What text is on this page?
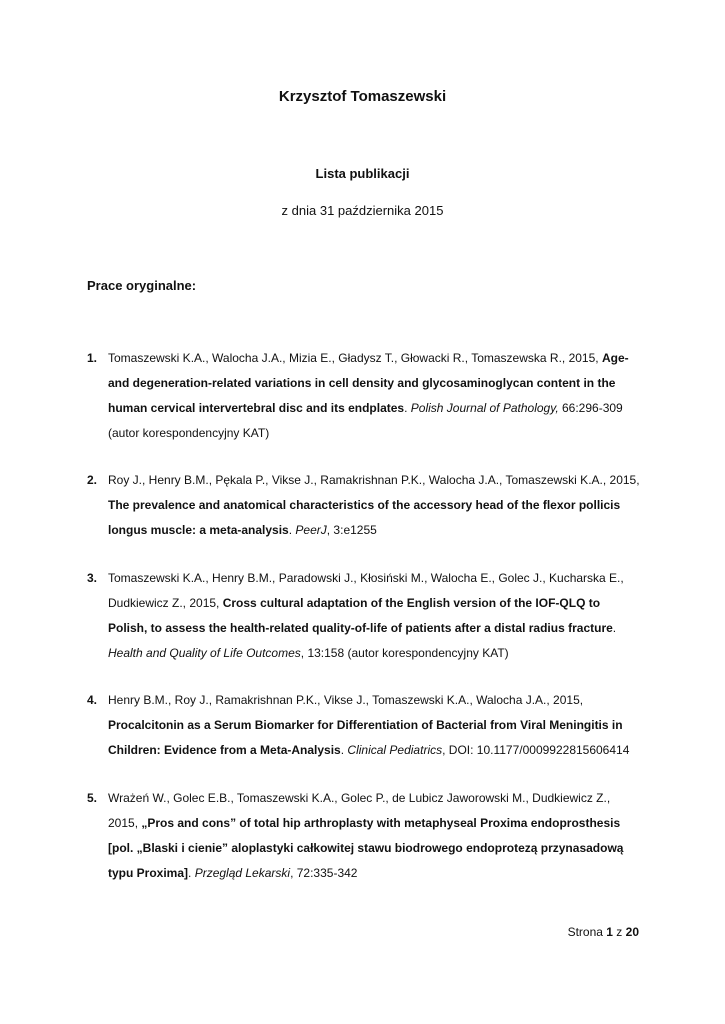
Krzysztof Tomaszewski
Lista publikacji
z dnia 31 października 2015
Prace oryginalne:
1. Tomaszewski K.A., Walocha J.A., Mizia E., Gładysz T., Głowacki R., Tomaszewska R., 2015, Age-and degeneration-related variations in cell density and glycosaminoglycan content in the human cervical intervertebral disc and its endplates. Polish Journal of Pathology, 66:296-309 (autor korespondencyjny KAT)
2. Roy J., Henry B.M., Pękala P., Vikse J., Ramakrishnan P.K., Walocha J.A., Tomaszewski K.A., 2015, The prevalence and anatomical characteristics of the accessory head of the flexor pollicis longus muscle: a meta-analysis. PeerJ, 3:e1255
3. Tomaszewski K.A., Henry B.M., Paradowski J., Kłosiński M., Walocha E., Golec J., Kucharska E., Dudkiewicz Z., 2015, Cross cultural adaptation of the English version of the IOF-QLQ to Polish, to assess the health-related quality-of-life of patients after a distal radius fracture. Health and Quality of Life Outcomes, 13:158 (autor korespondencyjny KAT)
4. Henry B.M., Roy J., Ramakrishnan P.K., Vikse J., Tomaszewski K.A., Walocha J.A., 2015, Procalcitonin as a Serum Biomarker for Differentiation of Bacterial from Viral Meningitis in Children: Evidence from a Meta-Analysis. Clinical Pediatrics, DOI: 10.1177/0009922815606414
5. Wrażeń W., Golec E.B., Tomaszewski K.A., Golec P., de Lubicz Jaworowski M., Dudkiewicz Z., 2015, „Pros and cons” of total hip arthroplasty with metaphyseal Proxima endoprosthesis [pol. „Blaski i cienie” aloplastyki całkowitej stawu biodrowego endoprotezą przynasadową typu Proxima]. Przegląd Lekarski, 72:335-342
Strona 1 z 20
